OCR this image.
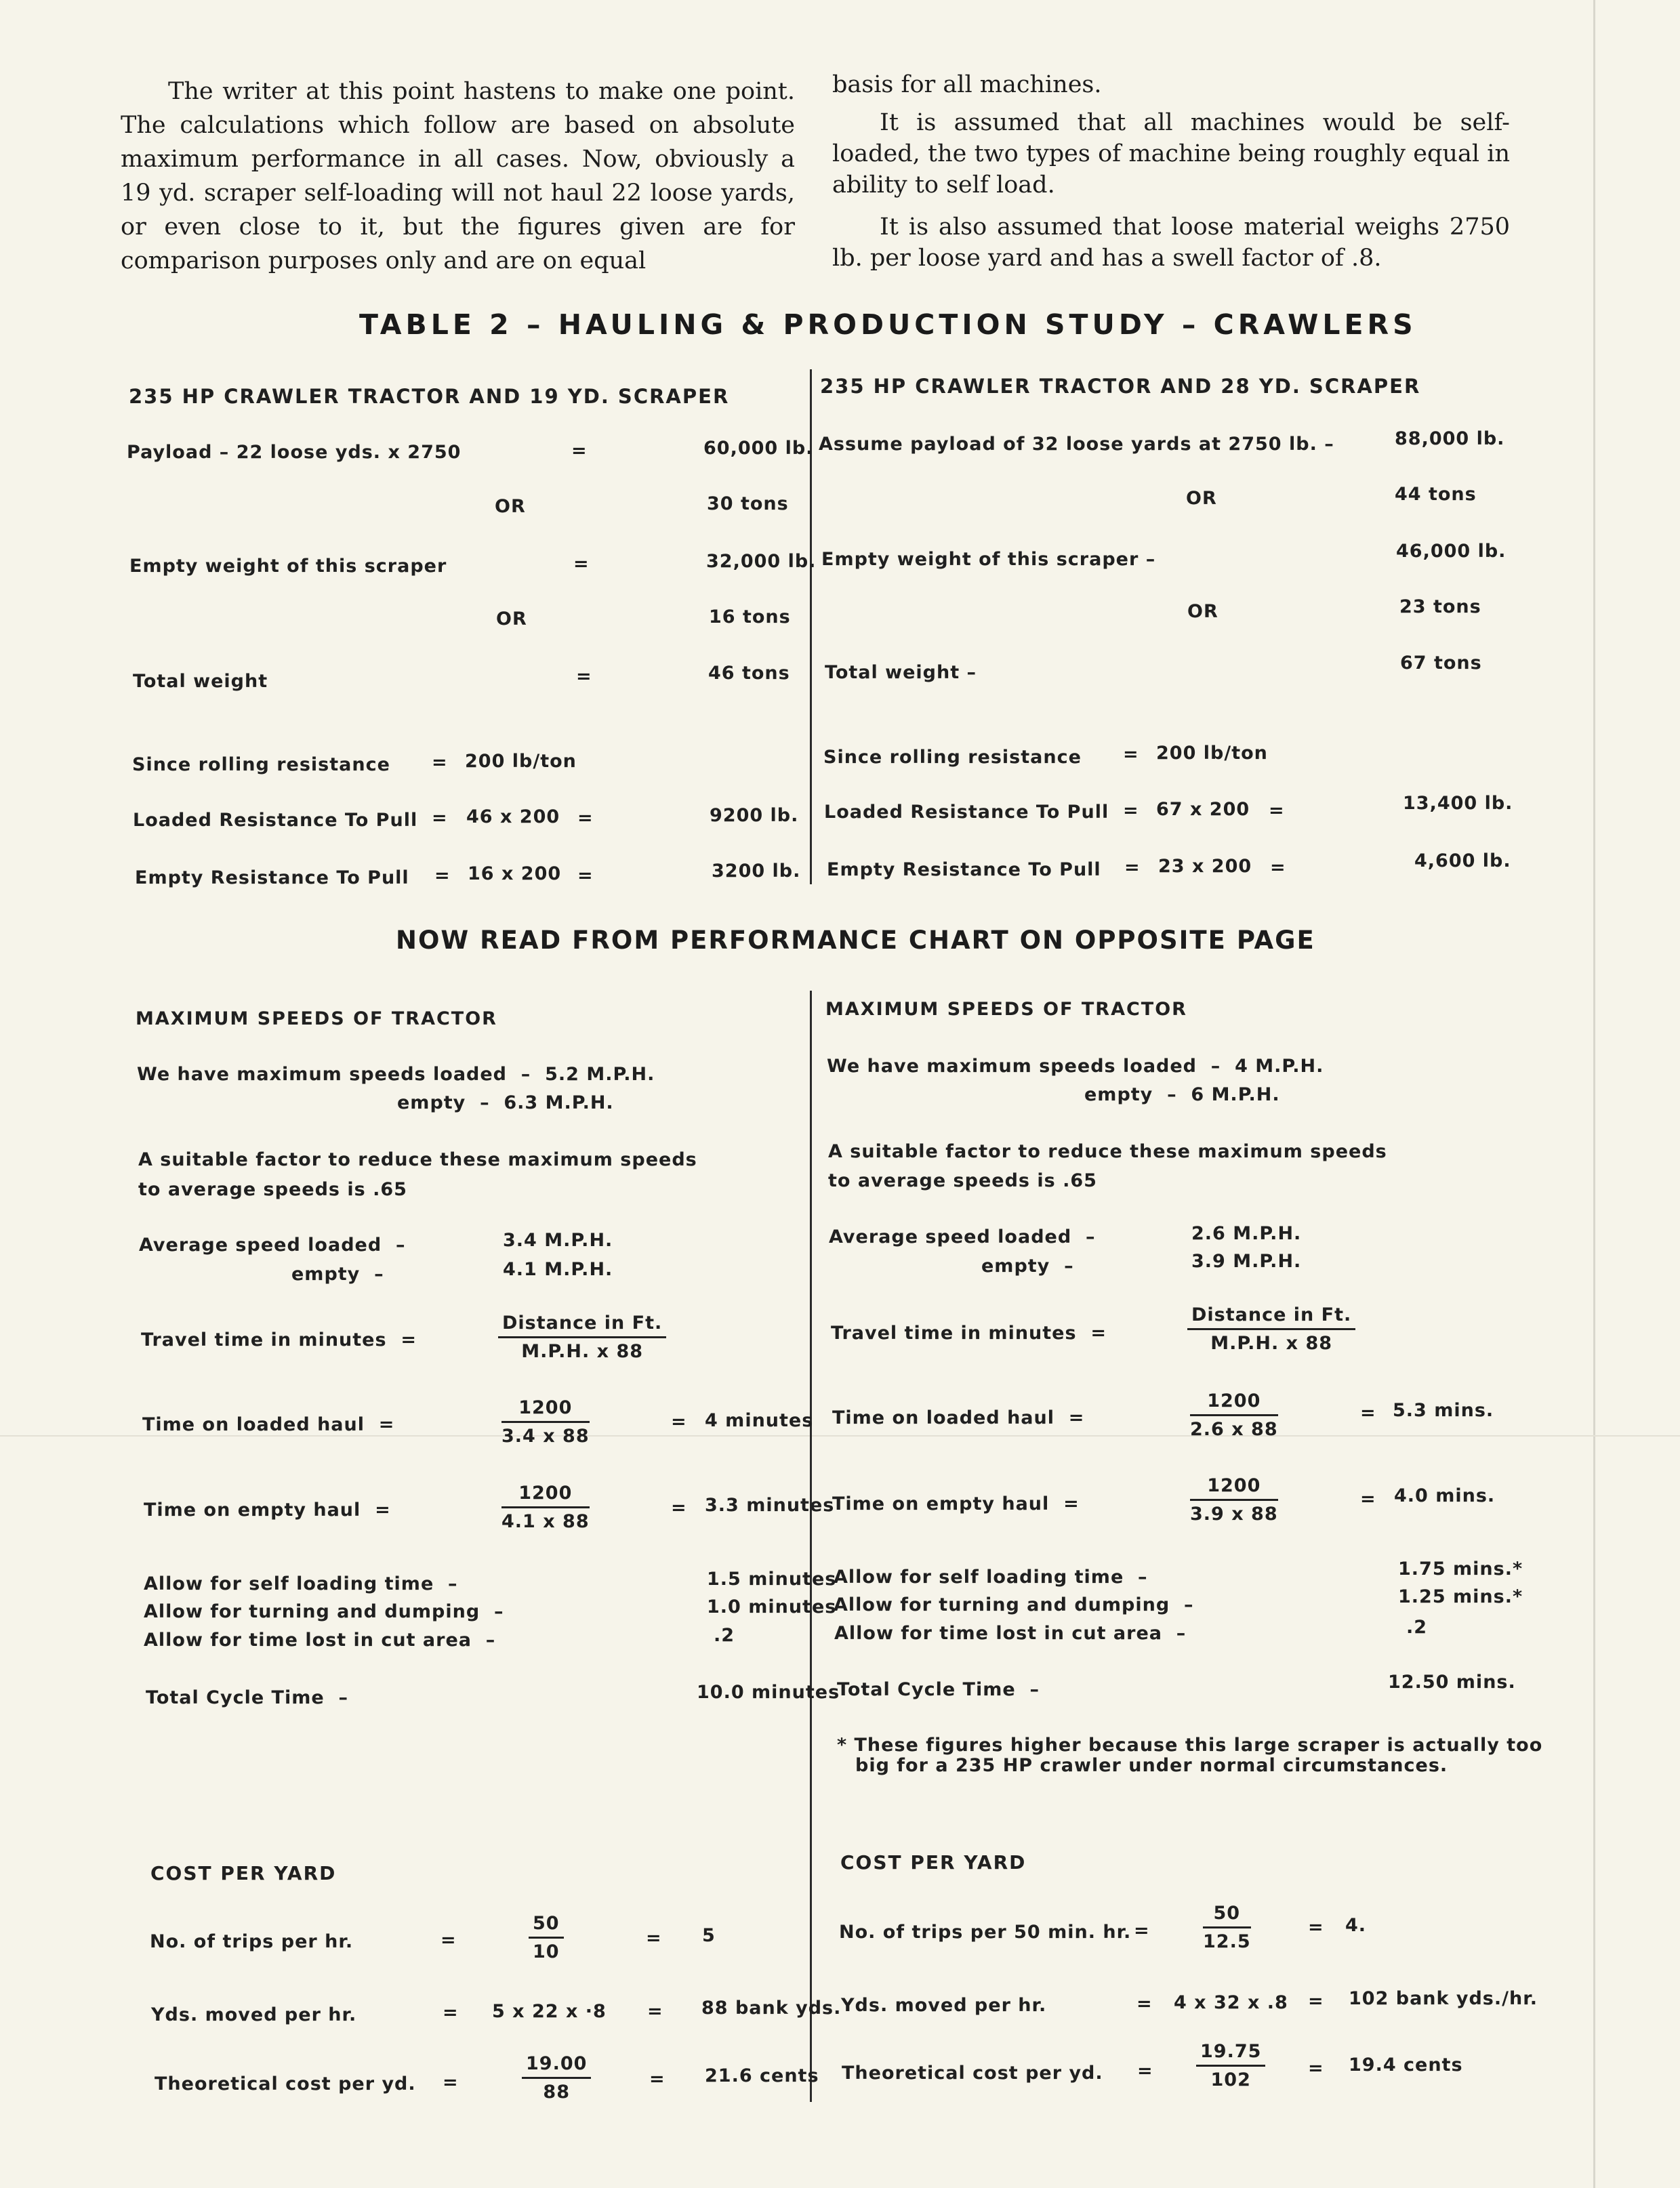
The writer at this point hastens to make one point. The calculations which follow are based on absolute maximum performance in all cases. Now, obviously a 19 yd. scraper self-loading will not haul 22 loose yards, or even close to it, but the figures given are for comparison purposes only and are on equal

basis for all machines.

It is assumed that all machines would be self-loaded, the two types of machine being roughly equal in ability to self load.

It is also assumed that loose material weighs 2750 lb. per loose yard and has a swell factor of .8.

TABLE 2 – HAULING & PRODUCTION STUDY – CRAWLERS
235 HP CRAWLER TRACTOR AND 19 YD. SCRAPER
Payload – 22 loose yds. x 2750	=	60,000 lb.
OR	30 tons
Empty weight of this scraper	=	32,000 lb.
OR	16 tons
Total weight	=	46 tons
Since rolling resistance = 200 lb/ton
Loaded Resistance To Pull = 46 x 200 =	9200 lb.
Empty Resistance To Pull = 16 x 200 =	3200 lb.
235 HP CRAWLER TRACTOR AND 28 YD. SCRAPER
Assume payload of 32 loose yards at 2750 lb. –	88,000 lb.
OR	44 tons
Empty weight of this scraper –	46,000 lb.
OR	23 tons
Total weight –	67 tons
Since rolling resistance = 200 lb/ton
Loaded Resistance To Pull = 67 x 200 =	13,400 lb.
Empty Resistance To Pull = 23 x 200 =	4,600 lb.
NOW READ FROM PERFORMANCE CHART ON OPPOSITE PAGE
MAXIMUM SPEEDS OF TRACTOR
We have maximum speeds loaded  –  5.2 M.P.H.
empty  –  6.3 M.P.H.
A suitable factor to reduce these maximum speeds
to average speeds is .65
Average speed loaded  –	3.4 M.P.H.
empty  –	4.1 M.P.H.
Travel time in minutes  =
Distance in Ft.
M.P.H. x 88
Time on loaded haul  =	$\frac{1200}{3.4 x 88}$	= 4 minutes
Time on empty haul  =	$\frac{1200}{4.1 x 88}$	= 3.3 minutes
Allow for self loading time  –	1.5 minutes
Allow for turning and dumping  –	1.0 minutes
Allow for time lost in cut area  –	.2
Total Cycle Time  –	10.0 minutes
MAXIMUM SPEEDS OF TRACTOR
We have maximum speeds loaded  –  4 M.P.H.
empty  –  6 M.P.H.
A suitable factor to reduce these maximum speeds
to average speeds is .65
Average speed loaded  –	2.6 M.P.H.
empty  –	3.9 M.P.H.
Travel time in minutes  =
Distance in Ft.
M.P.H. x 88
Time on loaded haul  =	$\frac{1200}{2.6 x 88}$	= 5.3 mins.
Time on empty haul  =	$\frac{1200}{3.9 x 88}$	= 4.0 mins.
Allow for self loading time  –	1.75 mins.*
Allow for turning and dumping  –	1.25 mins.*
Allow for time lost in cut area  –	.2
Total Cycle Time  –	12.50 mins.
* These figures higher because this large scraper is actually too
big for a 235 HP crawler under normal circumstances.
COST PER YARD
No. of trips per hr.	=	$\frac{50}{10}$	= 5
Yds. moved per hr.	= 5 x 22 x ·8 = 88 bank yds.
Theoretical cost per yd. =	$\frac{19.00}{88}$	= 21.6 cents
COST PER YARD
No. of trips per 50 min. hr. =	$\frac{50}{12.5}$	= 4.
Yds. moved per hr.	= 4 x 32 x .8 = 102 bank yds./hr.
Theoretical cost per yd. = $\frac{19.75}{102} = 19.4$ cents
